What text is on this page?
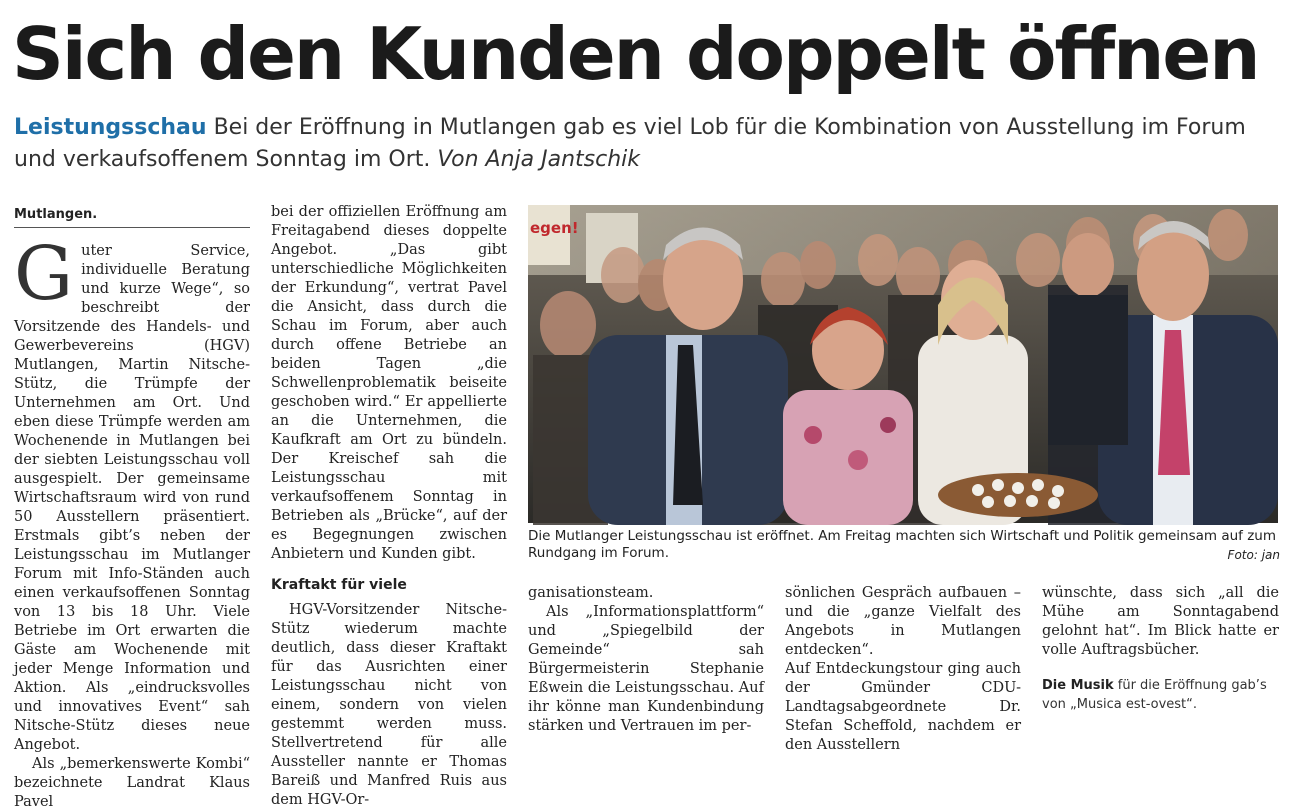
Sich den Kunden doppelt öffnen
Leistungsschau Bei der Eröffnung in Mutlangen gab es viel Lob für die Kombination von Ausstellung im Forum und verkaufsoffenem Sonntag im Ort. Von Anja Jantschik
Mutlangen.

Guter Service, individuelle Beratung und kurze Wege“, so beschreibt der Vorsitzende des Handels- und Gewerbevereins (HGV) Mutlangen, Martin Nitsche-Stütz, die Trümpfe der Unternehmen am Ort. Und eben diese Trümpfe werden am Wochenende in Mutlangen bei der siebten Leistungsschau voll ausgespielt. Der gemeinsame Wirtschaftsraum wird von rund 50 Ausstellern präsentiert. Erstmals gibt’s neben der Leistungsschau im Mutlanger Forum mit Info-Ständen auch einen verkaufsoffenen Sonntag von 13 bis 18 Uhr. Viele Betriebe im Ort erwarten die Gäste am Wochenende mit jeder Menge Information und Aktion. Als „eindrucksvolles und innovatives Event“ sah Nitsche-Stütz dieses neue Angebot.

Als „bemerkenswerte Kombi“ bezeichnete Landrat Klaus Pavel

bei der offiziellen Eröffnung am Freitagabend dieses doppelte Angebot. „Das gibt unterschiedliche Möglichkeiten der Erkundung“, vertrat Pavel die Ansicht, dass durch die Schau im Forum, aber auch durch offene Betriebe an beiden Tagen „die Schwellenproblematik beiseite geschoben wird.“ Er appellierte an die Unternehmen, die Kaufkraft am Ort zu bündeln. Der Kreischef sah die Leistungsschau mit verkaufsoffenem Sonntag in Betrieben als „Brücke“, auf der es Begegnungen zwischen Anbietern und Kunden gibt.

Kraftakt für viele

HGV-Vorsitzender Nitsche-Stütz wiederum machte deutlich, dass dieser Kraftakt für das Ausrichten einer Leistungsschau nicht von einem, sondern von vielen gestemmt werden muss. Stellvertretend für alle Aussteller nannte er Thomas Bareiß und Manfred Ruis aus dem HGV-Or-

egen!
Die Mutlanger Leistungsschau ist eröffnet. Am Freitag machten sich Wirtschaft und Politik gemeinsam auf zum Rundgang im Forum.	Foto: jan

ganisationsteam.

Als „Informationsplattform“ und „Spiegelbild der Gemeinde“ sah Bürgermeisterin Stephanie Eßwein die Leistungsschau. Auf ihr könne man Kundenbindung stärken und Vertrauen im per-

sönlichen Gespräch aufbauen – und die „ganze Vielfalt des Angebots in Mutlangen entdecken“.

Auf Entdeckungstour ging auch der Gmünder CDU-Landtagsabgeordnete Dr. Stefan Scheffold, nachdem er den Ausstellern

wünschte, dass sich „all die Mühe am Sonntagabend gelohnt hat“. Im Blick hatte er volle Auftragsbücher.

Die Musik für die Eröffnung gab’s von „Musica est-ovest“.
